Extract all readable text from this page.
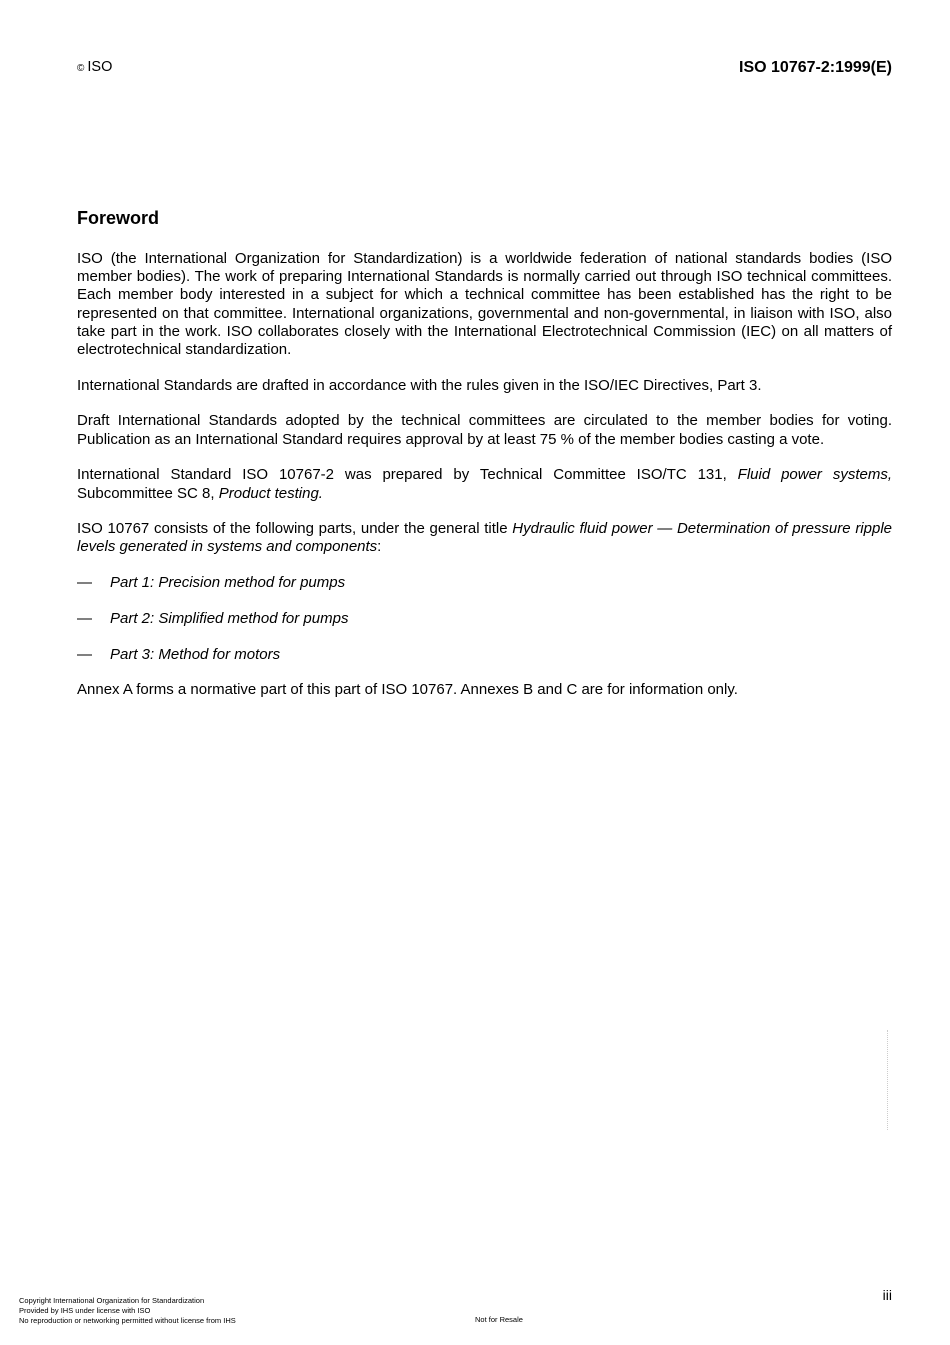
© ISO	ISO 10767-2:1999(E)
Foreword

ISO (the International Organization for Standardization) is a worldwide federation of national standards bodies (ISO member bodies). The work of preparing International Standards is normally carried out through ISO technical committees. Each member body interested in a subject for which a technical committee has been established has the right to be represented on that committee. International organizations, governmental and non-governmental, in liaison with ISO, also take part in the work. ISO collaborates closely with the International Electrotechnical Commission (IEC) on all matters of electrotechnical standardization.

International Standards are drafted in accordance with the rules given in the ISO/IEC Directives, Part 3.

Draft International Standards adopted by the technical committees are circulated to the member bodies for voting. Publication as an International Standard requires approval by at least 75 % of the member bodies casting a vote.

International Standard ISO 10767-2 was prepared by Technical Committee ISO/TC 131, Fluid power systems, Subcommittee SC 8, Product testing.

ISO 10767 consists of the following parts, under the general title Hydraulic fluid power — Determination of pressure ripple levels generated in systems and components:

— Part 1: Precision method for pumps
— Part 2: Simplified method for pumps
— Part 3: Method for motors

Annex A forms a normative part of this part of ISO 10767. Annexes B and C are for information only.

iii
Copyright International Organization for Standardization
Provided by IHS under license with ISO
No reproduction or networking permitted without license from IHS	Not for Resale
